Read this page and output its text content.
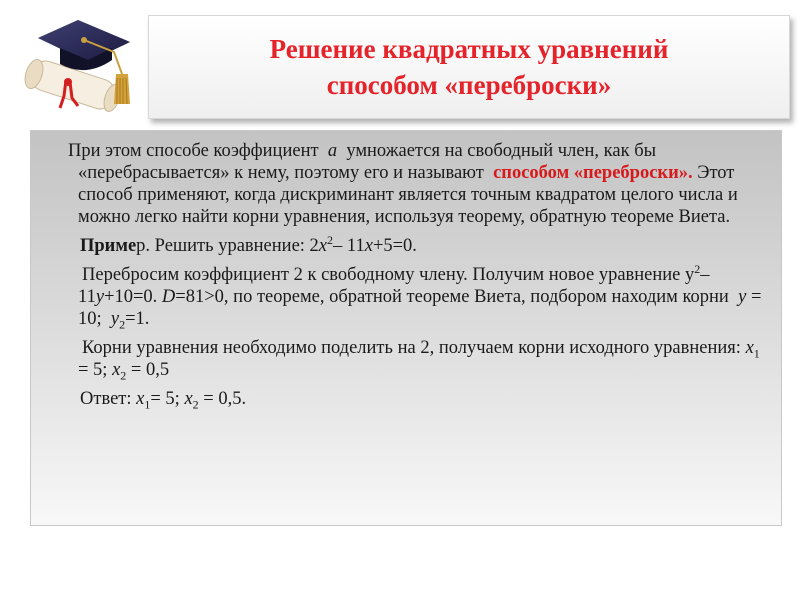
Решение квадратных уравнений
способом «переброски»

При этом способе коэффициент a умножается на свободный член, как бы «перебрасывается» к нему, поэтому его и называют способом «переброски». Этот способ применяют, когда дискриминант является точным квадратом целого числа и можно легко найти корни уравнения, используя теорему, обратную теореме Виета.

Пример. Решить уравнение: $2x^2-$ 11x+5=0.

Перебросим коэффициент 2 к свободному члену. Получим новое уравнение $у^2-$ 11у+10=0. D=81>0, по теореме, обратной теореме Виета, подбором находим корни y = 10; $y_2=1$.

Корни уравнения необходимо поделить на 2, получаем корни исходного уравнения: $x_1 = 5$; $x_2 = 0,5$

Ответ: $x_1= 5$; $x_2 = 0,5$.
